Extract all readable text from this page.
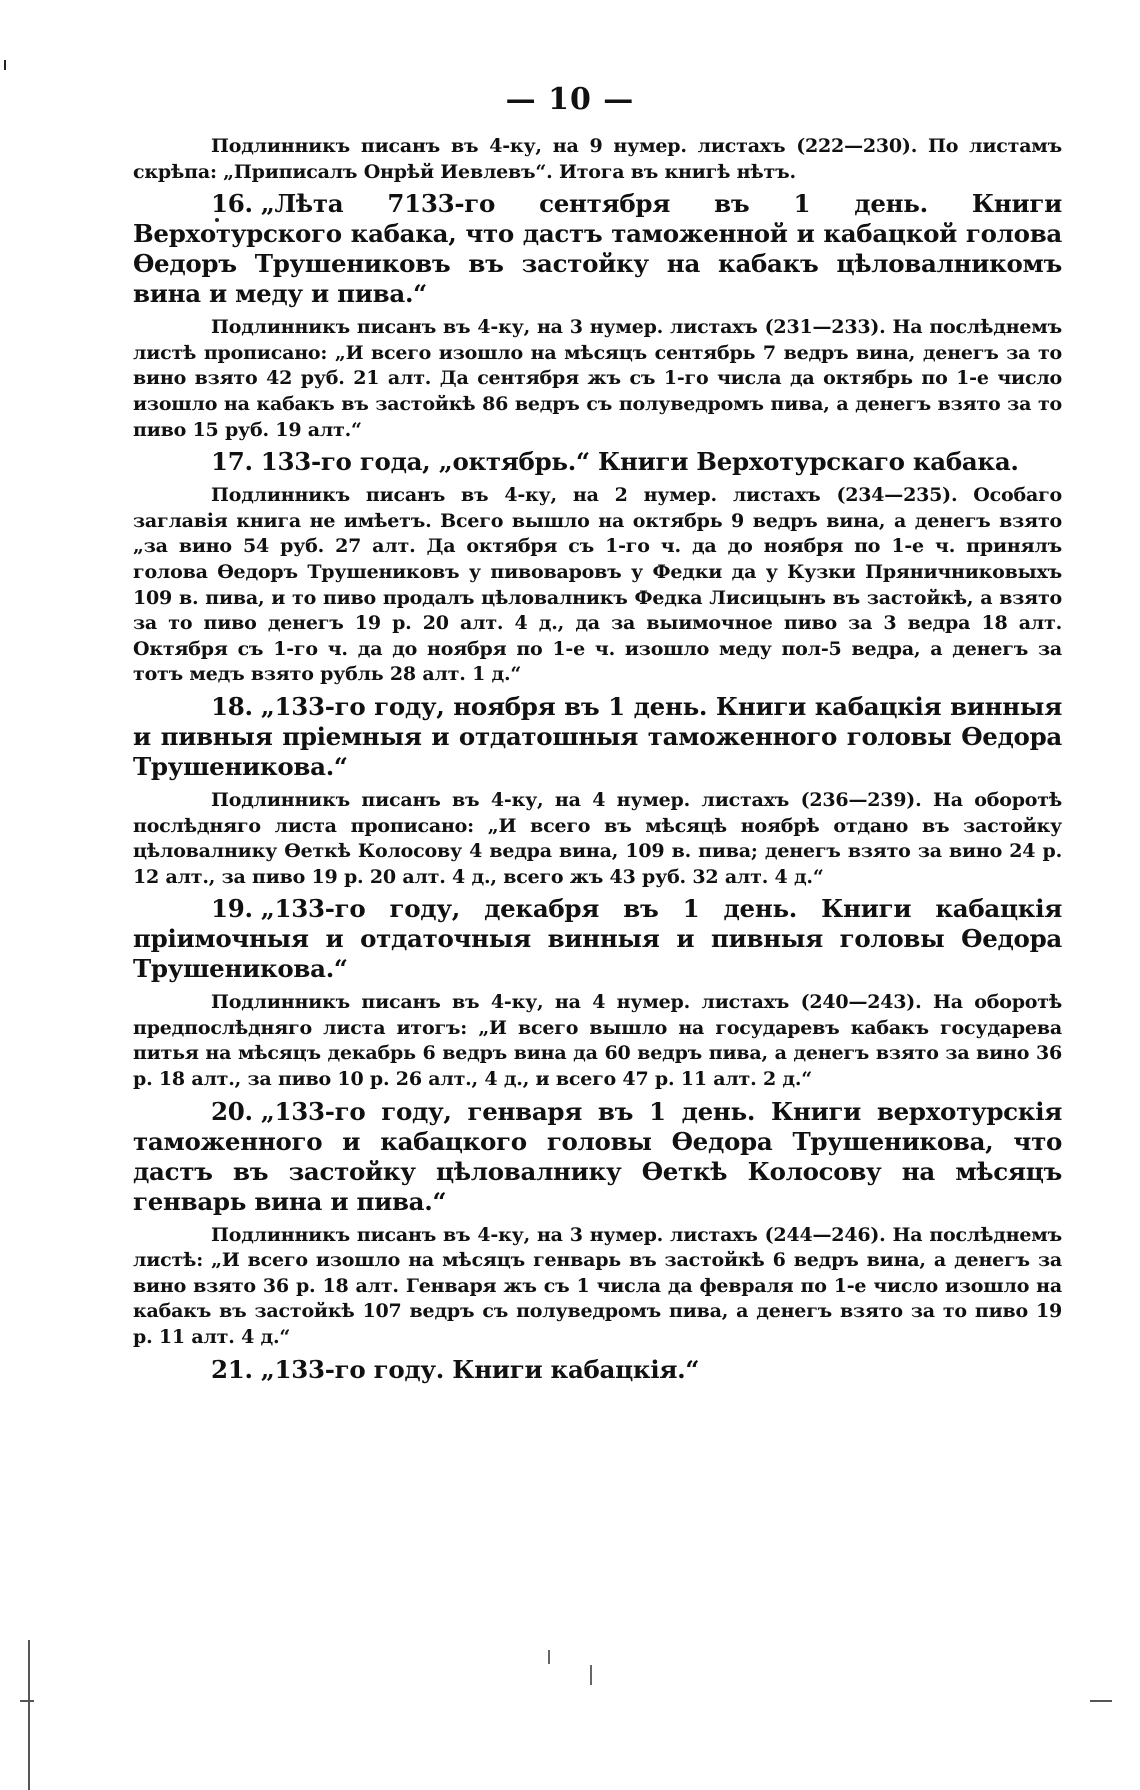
— 10 —

Подлинникъ писанъ въ 4-ку, на 9 нумер. листахъ (222—230). По листамъ скрѣпа: „Приписалъ Онрѣй Иевлевъ“. Итога въ книгѣ нѣтъ.

16. „Лѣта 7133-го сентября въ 1 день. Книги Верхотурского кабака, что дастъ таможенной и кабацкой голова Ѳедоръ Трушениковъ въ застойку на кабакъ цѣловалникомъ вина и меду и пива.“

Подлинникъ писанъ въ 4-ку, на 3 нумер. листахъ (231—233). На послѣднемъ листѣ прописано: „И всего изошло на мѣсяцъ сентябрь 7 ведръ вина, денегъ за то вино взято 42 руб. 21 алт. Да сентября жъ съ 1-го числа да октябрь по 1-е число изошло на кабакъ въ застойкѣ 86 ведръ съ полуведромъ пива, а денегъ взято за то пиво 15 руб. 19 алт.“

17. 133-го года, „октябрь.“ Книги Верхотурскаго кабака.

Подлинникъ писанъ въ 4-ку, на 2 нумер. листахъ (234—235). Особаго заглавія книга не имѣетъ. Всего вышло на октябрь 9 ведръ вина, а денегъ взято „за вино 54 руб. 27 алт. Да октября съ 1-го ч. да до ноября по 1-е ч. принялъ голова Ѳедоръ Трушениковъ у пивоваровъ у Федки да у Кузки Пряничниковыхъ 109 в. пива, и то пиво продалъ цѣловалникъ Федка Лисицынъ въ застойкѣ, а взято за то пиво денегъ 19 р. 20 алт. 4 д., да за выимочное пиво за 3 ведра 18 алт. Октября съ 1-го ч. да до ноября по 1-е ч. изошло меду пол-5 ведра, а денегъ за тотъ медъ взято рубль 28 алт. 1 д.“

18. „133-го году, ноября въ 1 день. Книги кабацкія винныя и пивныя пріемныя и отдатошныя таможенного головы Ѳедора Трушеникова.“

Подлинникъ писанъ въ 4-ку, на 4 нумер. листахъ (236—239). На оборотѣ послѣдняго листа прописано: „И всего въ мѣсяцѣ ноябрѣ отдано въ застойку цѣловалнику Ѳеткѣ Колосову 4 ведра вина, 109 в. пива; денегъ взято за вино 24 р. 12 алт., за пиво 19 р. 20 алт. 4 д., всего жъ 43 руб. 32 алт. 4 д.“

19. „133-го году, декабря въ 1 день. Книги кабацкія пріимочныя и отдаточныя винныя и пивныя головы Ѳедора Трушеникова.“

Подлинникъ писанъ въ 4-ку, на 4 нумер. листахъ (240—243). На оборотѣ предпослѣдняго листа итогъ: „И всего вышло на государевъ кабакъ государева питья на мѣсяцъ декабрь 6 ведръ вина да 60 ведръ пива, а денегъ взято за вино 36 р. 18 алт., за пиво 10 р. 26 алт., 4 д., и всего 47 р. 11 алт. 2 д.“

20. „133-го году, генваря въ 1 день. Книги верхотурскія таможенного и кабацкого головы Ѳедора Трушеникова, что дастъ въ застойку цѣловалнику Ѳеткѣ Колосову на мѣсяцъ генварь вина и пива.“

Подлинникъ писанъ въ 4-ку, на 3 нумер. листахъ (244—246). На послѣднемъ листѣ: „И всего изошло на мѣсяцъ генварь въ застойкѣ 6 ведръ вина, а денегъ за вино взято 36 р. 18 алт. Генваря жъ съ 1 числа да февраля по 1-е число изошло на кабакъ въ застойкѣ 107 ведръ съ полуведромъ пива, а денегъ взято за то пиво 19 р. 11 алт. 4 д.“

21. „133-го году. Книги кабацкія.“
